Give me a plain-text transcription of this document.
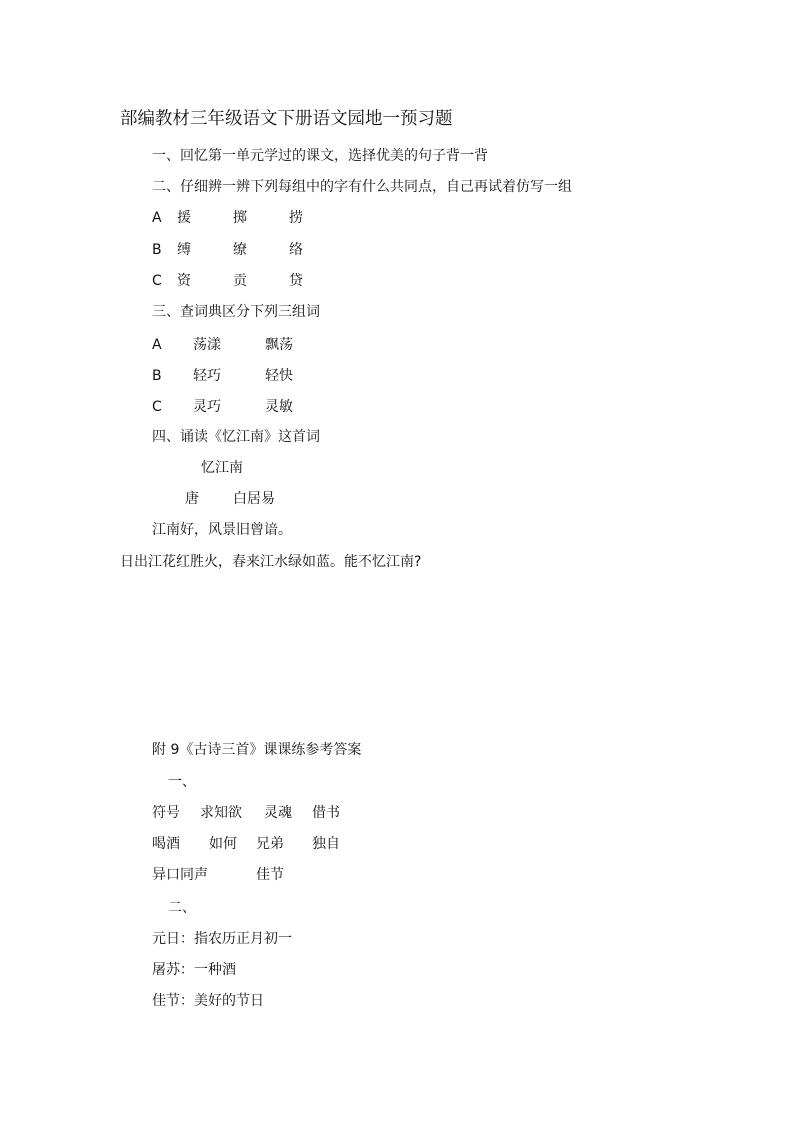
部编教材三年级语文下册语文园地一预习题
一、回忆第一单元学过的课文，选择优美的句子背一背
二、仔细辨一辨下列每组中的字有什么共同点，自己再试着仿写一组
A 援	掷	捞
B 缚	缭	络
C 资	贡	贷
三、查词典区分下列三组词
A 荡漾	飘荡
B 轻巧	轻快
C 灵巧	灵敏
四、诵读《忆江南》这首词
忆江南
唐 白居易
江南好，风景旧曾谙。
日出江花红胜火，春来江水绿如蓝。能不忆江南?
附 9《古诗三首》课课练参考答案
一、
符号 求知欲 灵魂 借书
喝酒 如何 兄弟 独自
异口同声	佳节
二、
元日：指农历正月初一
屠苏：一种酒
佳节：美好的节日
